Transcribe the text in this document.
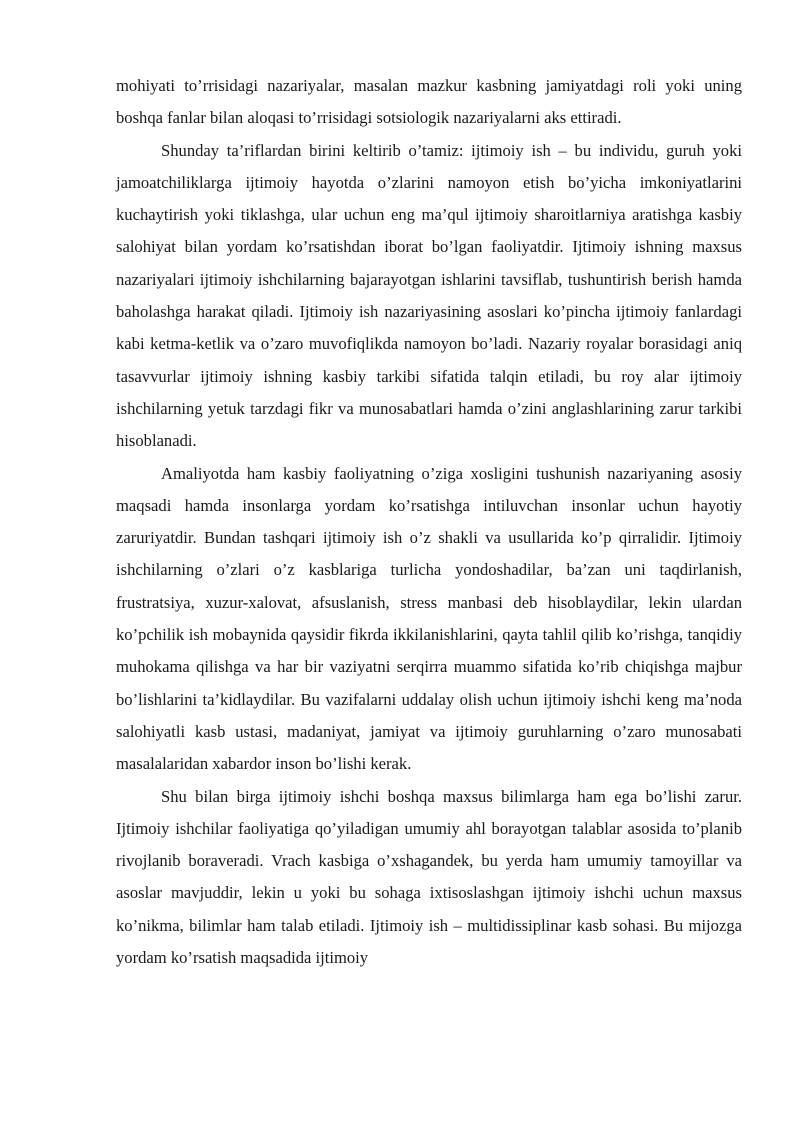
mohiyati to’rrisidagi nazariyalar, masalan mazkur kasbning jamiyatdagi roli yoki uning boshqa fanlar bilan aloqasi to’rrisidagi sotsiologik nazariyalarni aks ettiradi.

Shunday ta’riflardan birini keltirib o’tamiz: ijtimoiy ish – bu individu, guruh yoki jamoatchiliklarga ijtimoiy hayotda o’zlarini namoyon etish bo’yicha imkoniyatlarini kuchaytirish yoki tiklashga, ular uchun eng ma’qul ijtimoiy sharoitlarniya aratishga kasbiy salohiyat bilan yordam ko’rsatishdan iborat bo’lgan faoliyatdir. Ijtimoiy ishning maxsus nazariyalari ijtimoiy ishchilarning bajarayotgan ishlarini tavsiflab, tushuntirish berish hamda baholashga harakat qiladi. Ijtimoiy ish nazariyasining asoslari ko’pincha ijtimoiy fanlardagi kabi ketma-ketlik va o’zaro muvofiqlikda namoyon bo’ladi. Nazariy royalar borasidagi aniq tasavvurlar ijtimoiy ishning kasbiy tarkibi sifatida talqin etiladi, bu roy alar ijtimoiy ishchilarning yetuk tarzdagi fikr va munosabatlari hamda o’zini anglashlarining zarur tarkibi hisoblanadi.

Amaliyotda ham kasbiy faoliyatning o’ziga xosligini tushunish nazariyaning asosiy maqsadi hamda insonlarga yordam ko’rsatishga intiluvchan insonlar uchun hayotiy zaruriyatdir. Bundan tashqari ijtimoiy ish o’z shakli va usullarida ko’p qirralidir. Ijtimoiy ishchilarning o’zlari o’z kasblariga turlicha yondoshadilar, ba’zan uni taqdirlanish, frustratsiya, xuzur-xalovat, afsuslanish, stress manbasi deb hisoblaydilar, lekin ulardan ko’pchilik ish mobaynida qaysidir fikrda ikkilanishlarini, qayta tahlil qilib ko’rishga, tanqidiy muhokama qilishga va har bir vaziyatni serqirra muammo sifatida ko’rib chiqishga majbur bo’lishlarini ta’kidlaydilar. Bu vazifalarni uddalay olish uchun ijtimoiy ishchi keng ma’noda salohiyatli kasb ustasi, madaniyat, jamiyat va ijtimoiy guruhlarning o’zaro munosabati masalalaridan xabardor inson bo’lishi kerak.

Shu bilan birga ijtimoiy ishchi boshqa maxsus bilimlarga ham ega bo’lishi zarur. Ijtimoiy ishchilar faoliyatiga qo’yiladigan umumiy ahl borayotgan talablar asosida to’planib rivojlanib boraveradi. Vrach kasbiga o’xshagandek, bu yerda ham umumiy tamoyillar va asoslar mavjuddir, lekin u yoki bu sohaga ixtisoslashgan ijtimoiy ishchi uchun maxsus ko’nikma, bilimlar ham talab etiladi. Ijtimoiy ish – multidissiplinar kasb sohasi. Bu mijozga yordam ko’rsatish maqsadida ijtimoiy
